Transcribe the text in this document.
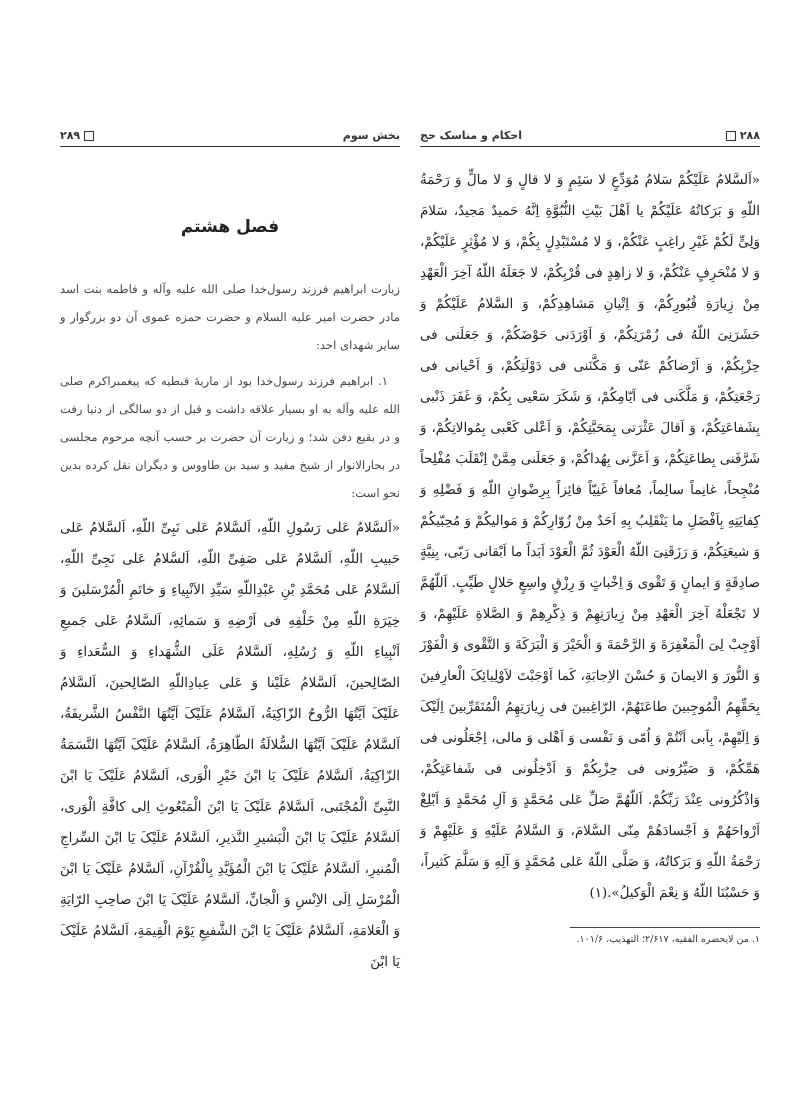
۲۸۸
احکام و مناسک حج

«اَلسَّلامُ عَلَیْکُمْ سَلامُ مُوَدِّعٍ لا سَئِمٍ وَ لا قالٍ وَ لا مالٍّ وَ رَحْمَةُ اللّهِ وَ بَرَکاتُهُ عَلَیْکُمْ یا اَهْلَ بَیْتِ النُّبُوَّةِ اِنَّهُ حَمیدٌ مَجیدٌ، سَلامَ وَلِیٍّ لَکُمْ غَیْرِ راغِبٍ عَنْکُمْ، وَ لا مُسْتَبْدِلٍ بِکُمْ، وَ لا مُؤْثِرٍ عَلَیْکُمْ، وَ لا مُنْحَرِفٍ عَنْکُمْ، وَ لا زاهِدٍ فی قُرْبِکُمْ، لا جَعَلَهُ اللّهُ آخِرَ الْعَهْدِ مِنْ زِیارَةِ قُبُورِکُمْ، وَ اِتْیانِ مَشاهِدِکُمْ، وَ السَّلامُ عَلَیْکُمْ وَ حَشَرَنِیَ اللّهُ فی زُمْرَتِکُمْ، وَ اَوْرَدَنی حَوْضَکُمْ، وَ جَعَلَنی فی حِزْبِکُمْ، وَ اَرْضاکُمْ عَنّی وَ مَکَّنَنی فی دَوْلَتِکُمْ، وَ اَحْیانی فی رَجْعَتِکُمْ، وَ مَلَّکَنی فی اَیّامِکُمْ، وَ شَکَرَ سَعْیی بِکُمْ، وَ غَفَرَ ذَنْبی بِشَفاعَتِکُمْ، وَ اَقالَ عَثْرَتی بِمَحَبَّتِکُمْ، وَ اَعْلی کَعْبی بِمُوالاتِکُمْ، وَ شَرَّفَنی بِطاعَتِکُمْ، وَ اَعَزَّنی بِهُداکُمْ، وَ جَعَلَنی مِمَّنْ اِنْقَلَبَ مُفْلِحاً مُنْجِحاً، غانِماً سالِماً، مُعافاً غَنِیّاً فائِزاً بِرِضْوانِ اللّهِ وَ فَضْلِهِ وَ کِفایَتِهِ بِاَفْضَلِ ما یَنْقَلِبُ بِهِ اَحَدٌ مِنْ زُوّارِکُمْ وَ مَوالیکُمْ وَ مُحِبّیکُمْ وَ شیعَتِکُمْ، وَ رَزَقَنِیَ اللّهُ الْعَوْدَ ثُمَّ الْعَوْدَ اَبَداً ما اَبْقانی رَبّی، بِنِیَّةٍ صادِقَةٍ وَ ایمانٍ وَ تَقْوی وَ اِخْباتٍ وَ رِزْقٍ واسِعٍ حَلالٍ طَیِّبٍ. اَللّهُمَّ لا تَجْعَلْهُ آخِرَ الْعَهْدِ مِنْ زِیارَتِهِمْ وَ ذِکْرِهِمْ وَ الصَّلاةِ عَلَیْهِمْ، وَ اَوْجِبْ لِیَ الْمَغْفِرَةَ وَ الرَّحْمَةَ وَ الْخَیْرَ وَ الْبَرَکَةَ وَ التَّقْوی وَ الْفَوْزَ وَ النُّورَ وَ الایمانَ وَ حُسْنَ الاِجابَةِ، کَما اَوْجَبْتَ لاَوْلِیائِکَ الْعارِفینَ بِحَقِّهِمُ الْمُوجِبینَ طاعَتَهُمْ، الرّاغِبینَ فی زِیارَتِهِمُ الْمُتَقَرِّبینَ اِلَیْکَ وَ اِلَیْهِمْ، بِاَبی اَنْتُمْ وَ اُمّی وَ نَفْسی وَ اَهْلی وَ مالی، اِجْعَلُونی فی هَمِّکُمْ، وَ صَیِّرُونی فی حِزْبِکُمْ وَ اَدْخِلُونی فی شَفاعَتِکُمْ، وَاذْکُرُونی عِنْدَ رَبِّکُمْ. اَللّهُمَّ صَلِّ عَلی مُحَمَّدٍ وَ آلِ مُحَمَّدٍ وَ اَبْلِغْ اَرْواحَهُمْ وَ اَجْسادَهُمْ مِنّی السَّلامَ، وَ السَّلامُ عَلَیْهِ وَ عَلَیْهِمْ وَ رَحْمَةُ اللّهِ وَ بَرَکاتُهُ، وَ صَلَّی اللّهُ عَلی مُحَمَّدٍ وَ آلِهِ وَ سَلَّمَ کَثیراً، وَ حَسْبُنَا اللّهُ وَ نِعْمَ الْوَکیلُ».(۱)

۱. من لایحضره الفقیه، ۲/۶۱۷؛ التهذیب، ۱۰۱/۶.
بخش سوم
۲۸۹
فصل هشتم

زیارت ابراهیم فرزند رسول‌خدا صلی الله علیه وآله و فاطمه بنت اسد مادر حضرت امیر علیه السلام و حضرت حمزه عموی آن دو بزرگوار و سایر شهدای احد:

۱. ابراهیم فرزند رسول‌خدا بود از ماریهٔ قبطیه که پیغمبراکرم صلی الله علیه وآله به او بسیار علاقه داشت و قبل از دو سالگی از دنیا رفت و در بقیع دفن شد؛ و زیارت آن حضرت بر حسب آنچه مرحوم مجلسی در بحارالانوار از شیخ مفید و سید بن طاووس و دیگران نقل کرده بدین نحو است:

«اَلسَّلامُ عَلی رَسُولِ اللّهِ، اَلسَّلامُ عَلی نَبِیِّ اللّهِ، اَلسَّلامُ عَلی حَبیبِ اللّهِ، اَلسَّلامُ عَلی صَفِیِّ اللّهِ، اَلسَّلامُ عَلی نَجِیِّ اللّهِ، اَلسَّلامُ عَلی مُحَمَّدِ بْنِ عَبْدِاللّهِ سَیِّدِ الاَنْبِیاءِ وَ خاتَمِ الْمُرْسَلینَ وَ خِیَرَةِ اللّهِ مِنْ خَلْقِهِ فی اَرْضِهِ وَ سَمائِهِ، اَلسَّلامُ عَلی جَمیعِ اَنْبِیاءِ اللّهِ وَ رُسُلِهِ، اَلسَّلامُ عَلَی الشُّهَداءِ وَ السُّعَداءِ وَ الصّالِحینَ، اَلسَّلامُ عَلَیْنا وَ عَلی عِبادِاللّهِ الصّالِحینَ، اَلسَّلامُ عَلَیْکَ اَیَّتُهَا الرُّوحُ الزّاکِیَةُ، اَلسَّلامُ عَلَیْکَ اَیَّتُهَا النَّفْسُ الشَّریفَةُ، اَلسَّلامُ عَلَیْکَ اَیَّتُهَا السُّلالَةُ الطّاهِرَةُ، اَلسَّلامُ عَلَیْکَ اَیَّتُهَا النَّسَمَةُ الزّاکِیَةُ، اَلسَّلامُ عَلَیْکَ یَا ابْنَ خَیْرِ الْوَری، اَلسَّلامُ عَلَیْکَ یَا ابْنَ النَّبِیِّ الْمُجْتَبی، اَلسَّلامُ عَلَیْکَ یَا ابْنَ الْمَبْعُوثِ اِلی کافَّةِ الْوَری، اَلسَّلامُ عَلَیْکَ یَا ابْنَ الْبَشیرِ النَّذیرِ، اَلسَّلامُ عَلَیْکَ یَا ابْنَ السِّراجِ الْمُنیرِ، اَلسَّلامُ عَلَیْکَ یَا ابْنَ الْمُؤَیَّدِ بِالْقُرْآنِ، اَلسَّلامُ عَلَیْکَ یَا ابْنَ الْمُرْسَلِ اِلَی الاِنْسِ وَ الْجانِّ، اَلسَّلامُ عَلَیْکَ یَا ابْنَ صاحِبِ الرّایَةِ وَ الْعَلامَةِ، اَلسَّلامُ عَلَیْکَ یَا ابْنَ الشَّفیعِ یَوْمَ الْقِیمَةِ، اَلسَّلامُ عَلَیْکَ یَا ابْنَ
